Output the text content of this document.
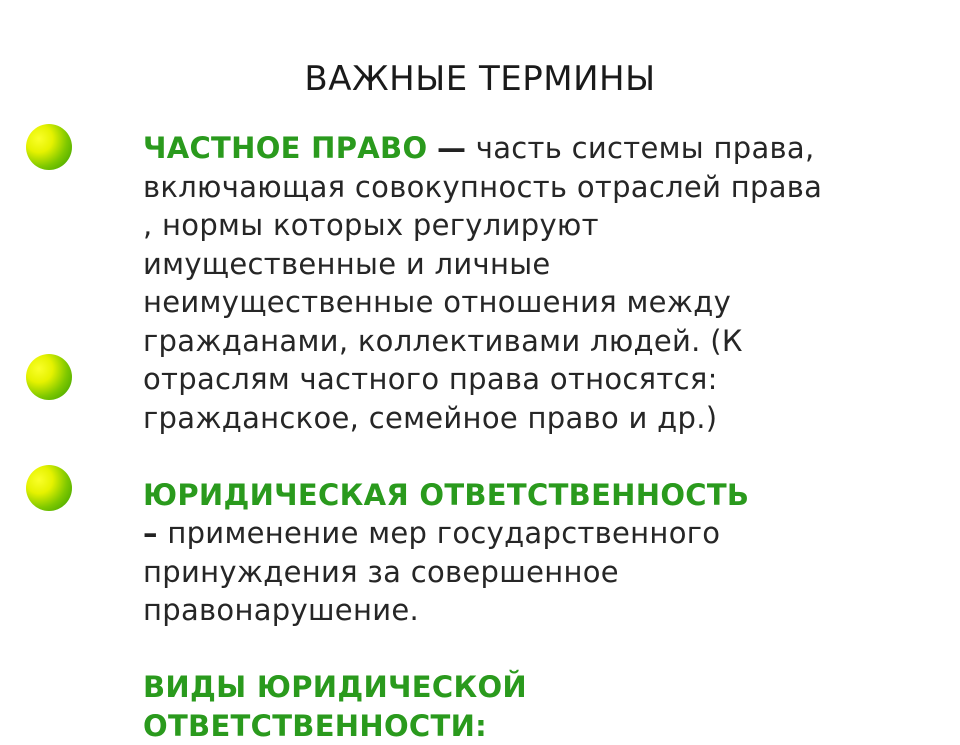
ВАЖНЫЕ ТЕРМИНЫ
ЧАСТНОЕ ПРАВО — часть системы права,
включающая совокупность отраслей права
, нормы которых регулируют
имущественные и личные
неимущественные отношения между
гражданами, коллективами людей. (К
отраслям частного права относятся:
гражданское, семейное право и др.)
ЮРИДИЧЕСКАЯ ОТВЕТСТВЕННОСТЬ
– применение мер государственного
принуждения за совершенное
правонарушение.
ВИДЫ ЮРИДИЧЕСКОЙ
ОТВЕТСТВЕННОСТИ:
